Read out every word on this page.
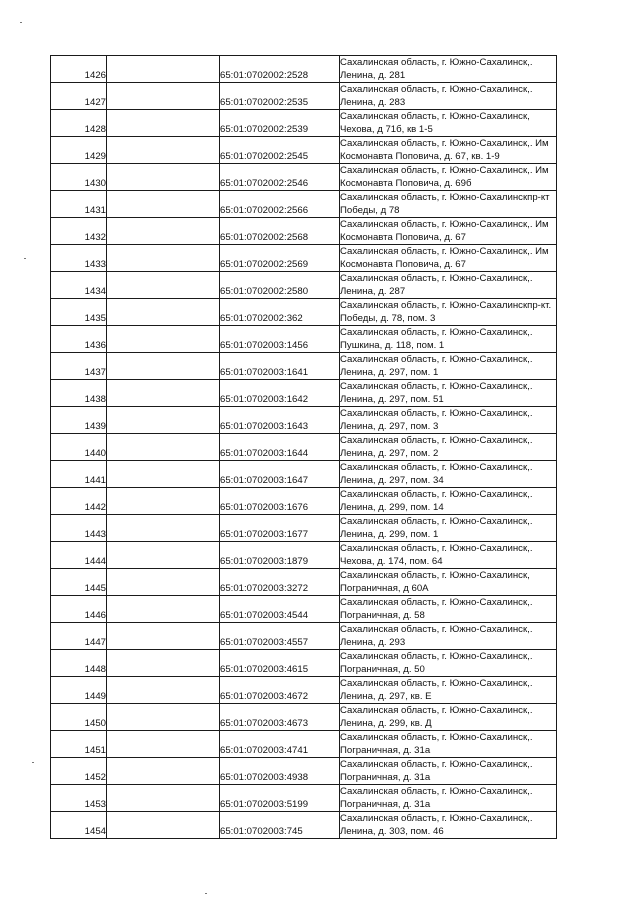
1426		65:01:0702002:2528	Сахалинская область, г. Южно-Сахалинск,.
Ленина, д. 281

1427		65:01:0702002:2535	Сахалинская область, г. Южно-Сахалинск,.
Ленина, д. 283

1428		65:01:0702002:2539	Сахалинская область, г. Южно-Сахалинск,
Чехова, д 71б, кв 1-5

1429		65:01:0702002:2545	Сахалинская область, г. Южно-Сахалинск,. Им
Космонавта Поповича, д. 67, кв. 1-9

1430		65:01:0702002:2546	Сахалинская область, г. Южно-Сахалинск,. Им
Космонавта Поповича, д. 69б

1431		65:01:0702002:2566	Сахалинская область, г. Южно-Сахалинскпр-кт
Победы, д 78

1432		65:01:0702002:2568	Сахалинская область, г. Южно-Сахалинск,. Им
Космонавта Поповича, д. 67

1433		65:01:0702002:2569	Сахалинская область, г. Южно-Сахалинск,. Им
Космонавта Поповича, д. 67

1434		65:01:0702002:2580	Сахалинская область, г. Южно-Сахалинск,.
Ленина, д. 287

1435		65:01:0702002:362	Сахалинская область, г. Южно-Сахалинскпр-кт.
Победы, д. 78, пом. 3

1436		65:01:0702003:1456	Сахалинская область, г. Южно-Сахалинск,.
Пушкина, д. 118, пом. 1

1437		65:01:0702003:1641	Сахалинская область, г. Южно-Сахалинск,.
Ленина, д. 297, пом. 1

1438		65:01:0702003:1642	Сахалинская область, г. Южно-Сахалинск,.
Ленина, д. 297, пом. 51

1439		65:01:0702003:1643	Сахалинская область, г. Южно-Сахалинск,.
Ленина, д. 297, пом. 3

1440		65:01:0702003:1644	Сахалинская область, г. Южно-Сахалинск,.
Ленина, д. 297, пом. 2

1441		65:01:0702003:1647	Сахалинская область, г. Южно-Сахалинск,.
Ленина, д. 297, пом. 34

1442		65:01:0702003:1676	Сахалинская область, г. Южно-Сахалинск,.
Ленина, д. 299, пом. 14

1443		65:01:0702003:1677	Сахалинская область, г. Южно-Сахалинск,.
Ленина, д. 299, пом. 1

1444		65:01:0702003:1879	Сахалинская область, г. Южно-Сахалинск,.
Чехова, д. 174, пом. 64

1445		65:01:0702003:3272	Сахалинская область, г. Южно-Сахалинск,
Пограничная, д 60А

1446		65:01:0702003:4544	Сахалинская область, г. Южно-Сахалинск,.
Пограничная, д. 58

1447		65:01:0702003:4557	Сахалинская область, г. Южно-Сахалинск,.
Ленина, д. 293

1448		65:01:0702003:4615	Сахалинская область, г. Южно-Сахалинск,.
Пограничная, д. 50

1449		65:01:0702003:4672	Сахалинская область, г. Южно-Сахалинск,.
Ленина, д. 297, кв. Е

1450		65:01:0702003:4673	Сахалинская область, г. Южно-Сахалинск,.
Ленина, д. 299, кв. Д

1451		65:01:0702003:4741	Сахалинская область, г. Южно-Сахалинск,.
Пограничная, д. 31а

1452		65:01:0702003:4938	Сахалинская область, г. Южно-Сахалинск,.
Пограничная, д. 31а

1453		65:01:0702003:5199	Сахалинская область, г. Южно-Сахалинск,.
Пограничная, д. 31а

1454		65:01:0702003:745	Сахалинская область, г. Южно-Сахалинск,.
Ленина, д. 303, пом. 46
